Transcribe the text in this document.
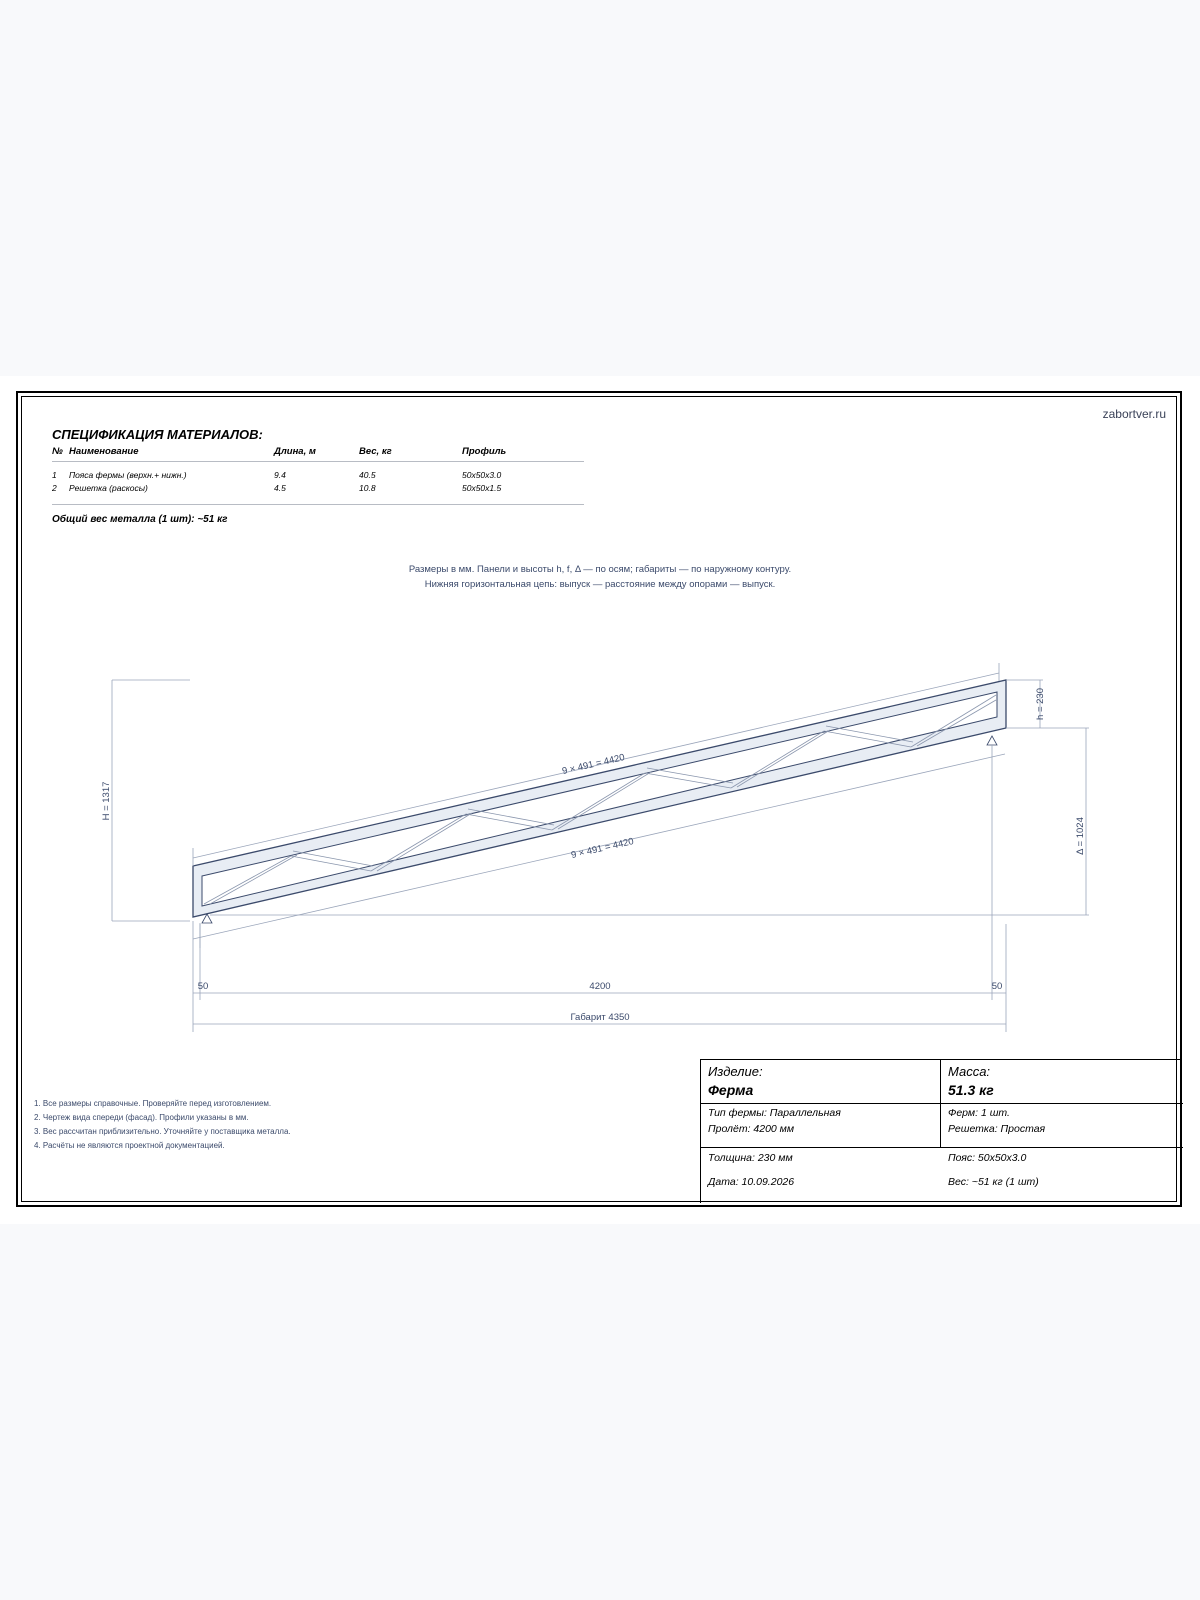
zabortver.ru
СПЕЦИФИКАЦИЯ МАТЕРИАЛОВ:
№ Наименование	Длина, м	Вес, кг	Профиль
1 Пояса фермы (верхн.+ нижн.)	9.4	40.5	50x50x3.0
2 Решетка (раскосы)	4.5	10.8	50x50x1.5
Общий вес металла (1 шт): ~51 кг
Размеры в мм. Панели и высоты h, f, Δ — по осям; габариты — по наружному контуру.
Нижняя горизонтальная цепь: выпуск — расстояние между опорами — выпуск.
9 × 491 = 4420
9 × 491 = 4420
H = 1317
h = 230
Δ = 1024
50	4200	50
Габарит 4350
1. Все размеры справочные. Проверяйте перед изготовлением.
2. Чертеж вида спереди (фасад). Профили указаны в мм.
3. Вес рассчитан приблизительно. Уточняйте у поставщика металла.
4. Расчёты не являются проектной документацией.
Изделие:
Ферма
Масса:
51.3 кг
Тип фермы: Параллельная
Пролёт: 4200 мм
Ферм: 1 шт.
Решетка: Простая
Толщина: 230 мм
Дата: 10.09.2026
Пояс: 50x50x3.0
Вес: ~51 кг (1 шт)
